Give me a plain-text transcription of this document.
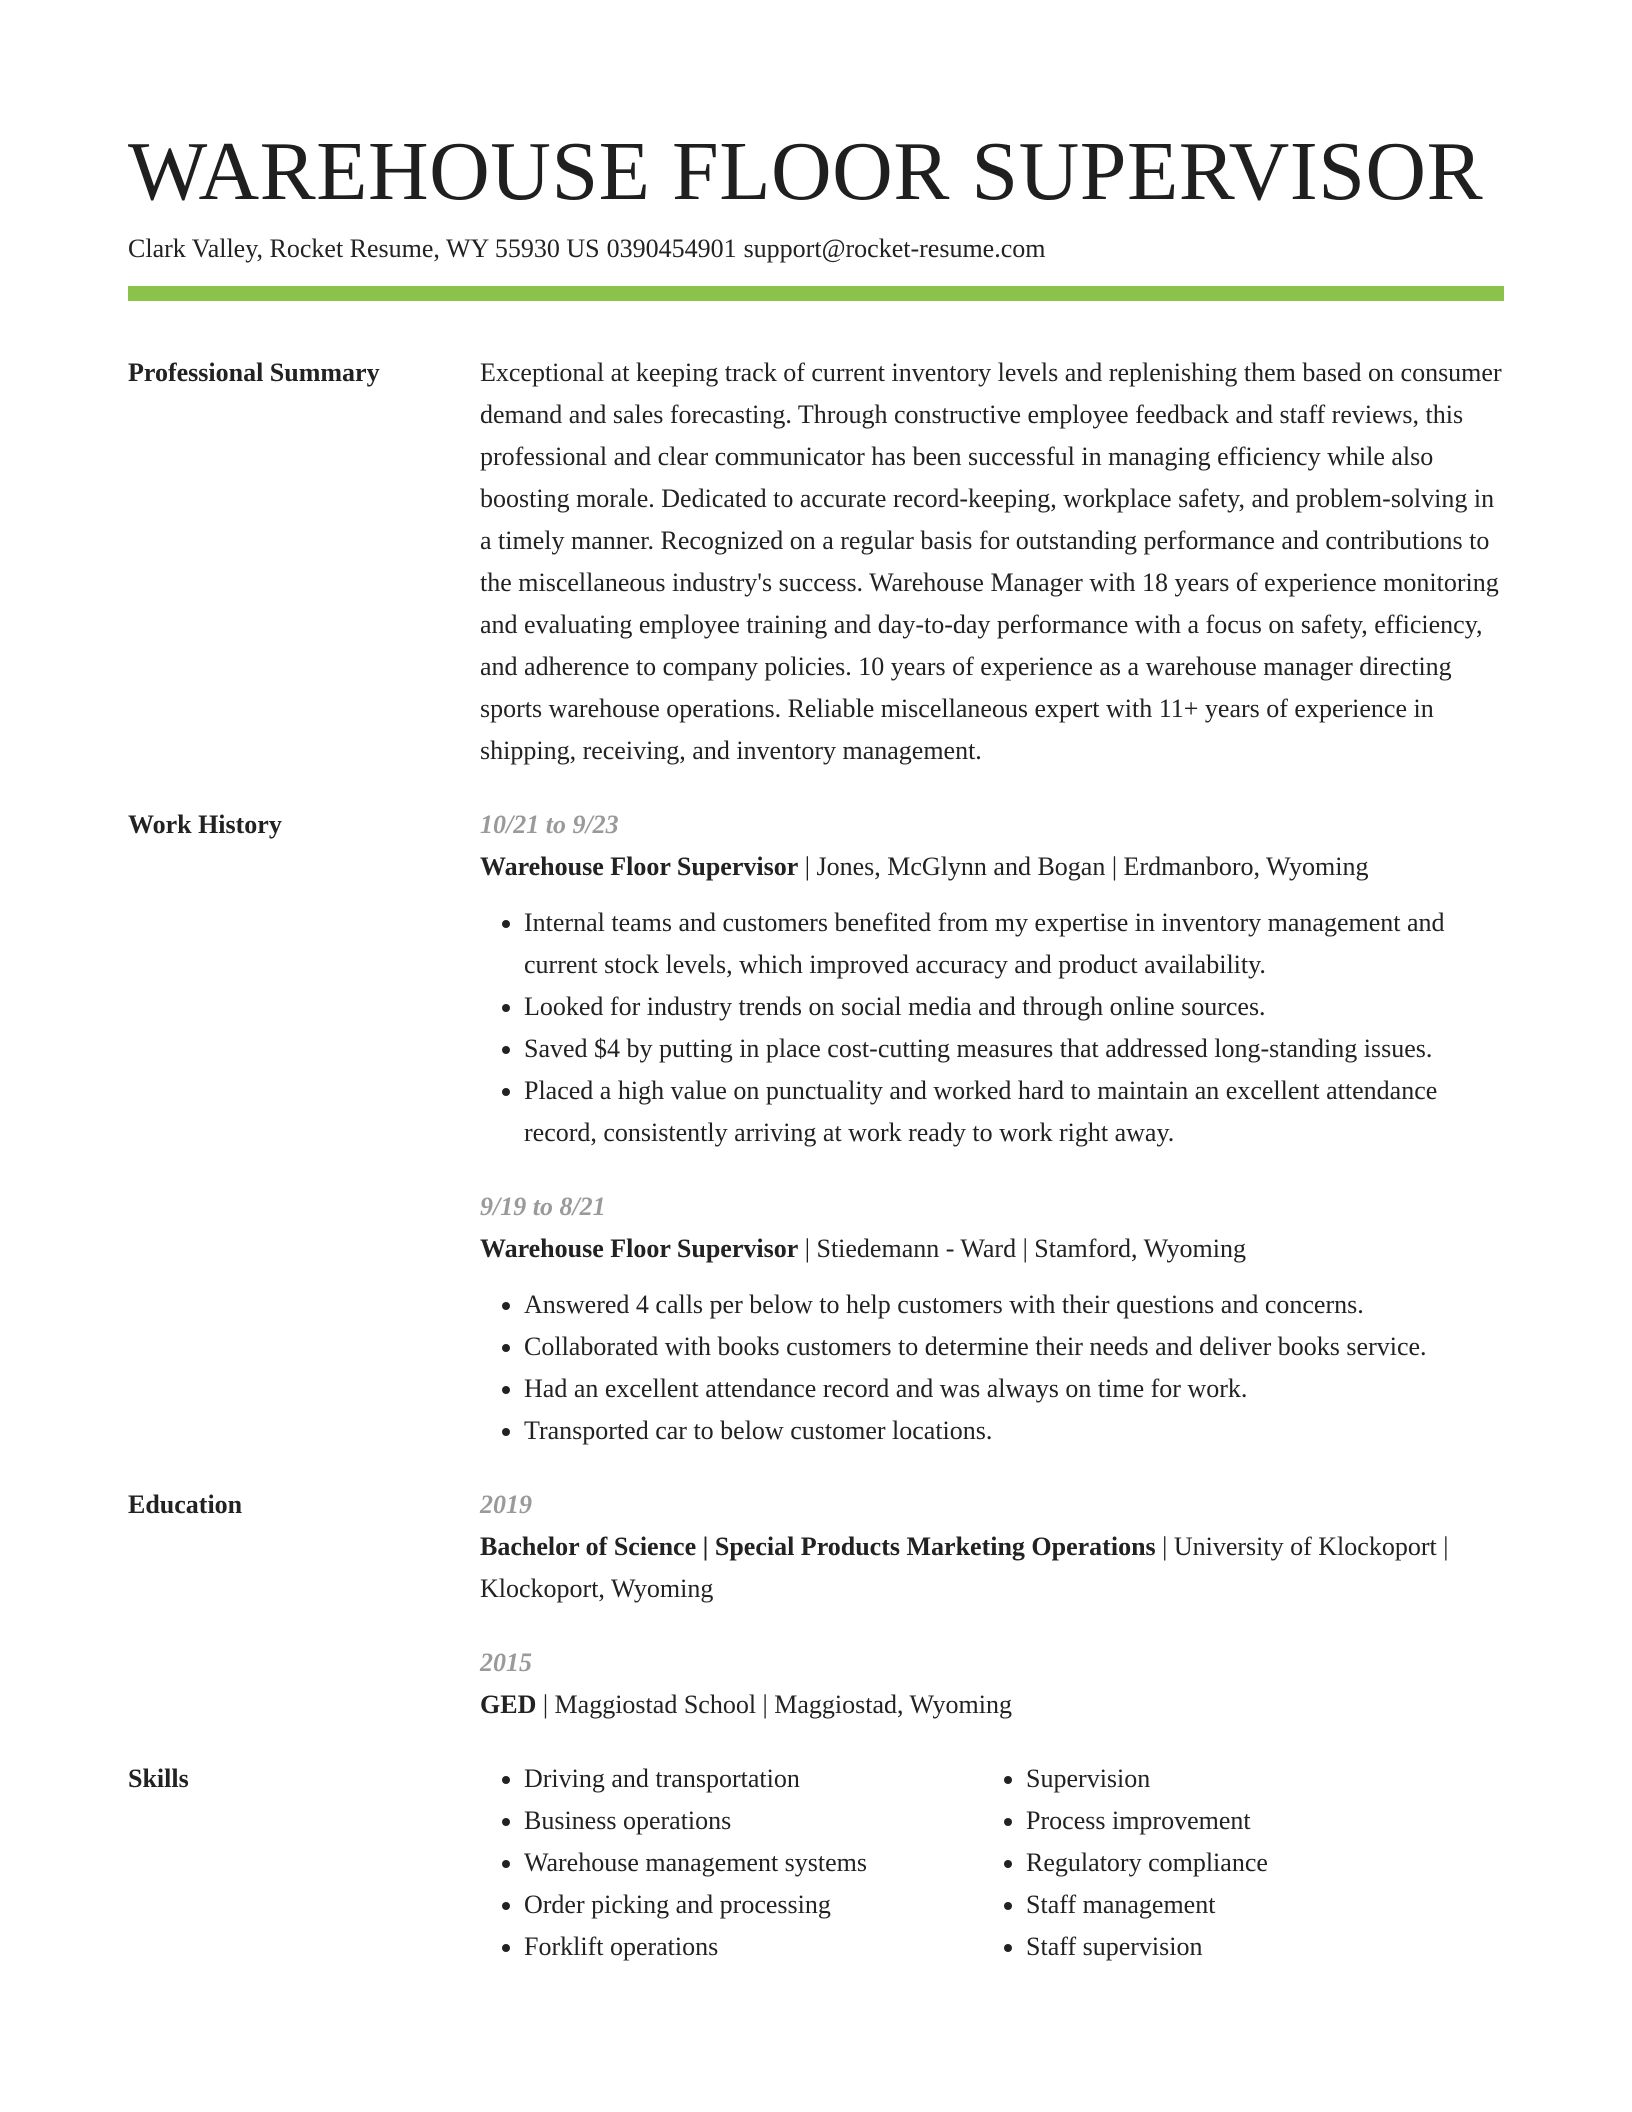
WAREHOUSE FLOOR SUPERVISOR
Clark Valley, Rocket Resume, WY 55930 US 0390454901 support@rocket-resume.com
Professional Summary	Exceptional at keeping track of current inventory levels and replenishing them based on consumer demand and sales forecasting. Through constructive employee feedback and staff reviews, this professional and clear communicator has been successful in managing efficiency while also boosting morale. Dedicated to accurate record-keeping, workplace safety, and problem-solving in a timely manner. Recognized on a regular basis for outstanding performance and contributions to the miscellaneous industry's success. Warehouse Manager with 18 years of experience monitoring and evaluating employee training and day-to-day performance with a focus on safety, efficiency, and adherence to company policies. 10 years of experience as a warehouse manager directing sports warehouse operations. Reliable miscellaneous expert with 11+ years of experience in shipping, receiving, and inventory management.

Work History	10/21 to 9/23
Warehouse Floor Supervisor | Jones, McGlynn and Bogan | Erdmanboro, Wyoming
• Internal teams and customers benefited from my expertise in inventory management and current stock levels, which improved accuracy and product availability.
• Looked for industry trends on social media and through online sources.
• Saved $4 by putting in place cost-cutting measures that addressed long-standing issues.
• Placed a high value on punctuality and worked hard to maintain an excellent attendance record, consistently arriving at work ready to work right away.
9/19 to 8/21
Warehouse Floor Supervisor | Stiedemann - Ward | Stamford, Wyoming
• Answered 4 calls per below to help customers with their questions and concerns.
• Collaborated with books customers to determine their needs and deliver books service.
• Had an excellent attendance record and was always on time for work.
• Transported car to below customer locations.
Education	2019
Bachelor of Science | Special Products Marketing Operations | University of Klockoport | Klockoport, Wyoming
2015
GED | Maggiostad School | Maggiostad, Wyoming
Skills
•	Driving and transportation
• Business operations
• Warehouse management systems
• Order picking and processing
• Forklift operations
• Supervision
• Process improvement
• Regulatory compliance
• Staff management
• Staff supervision
